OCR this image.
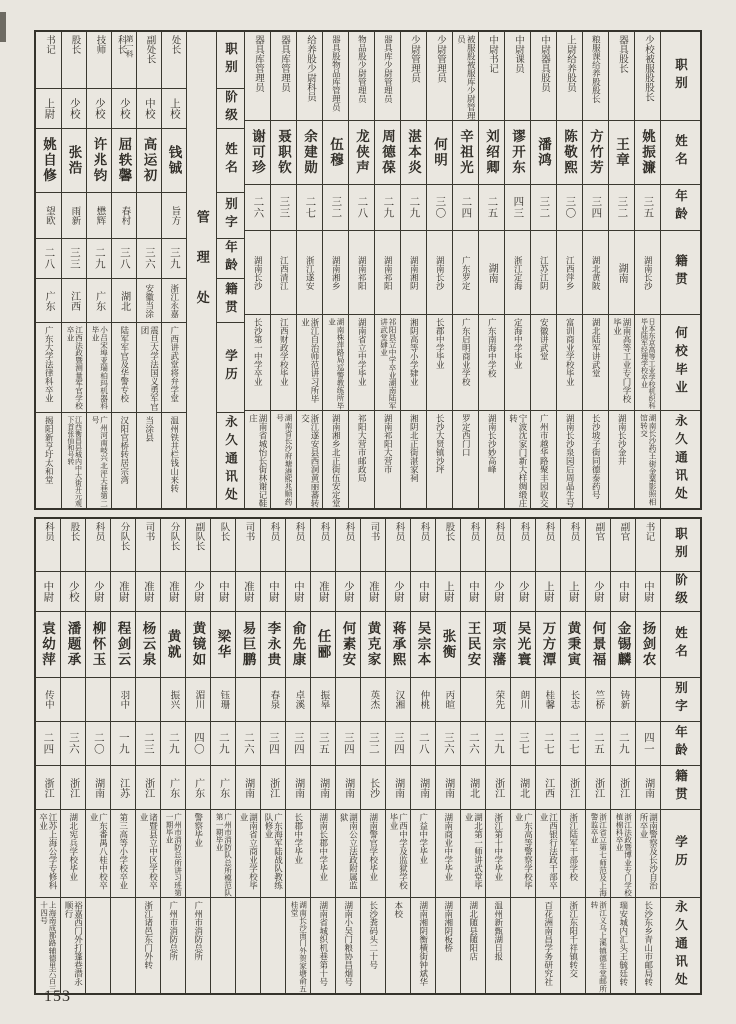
职别
姓名
年龄
籍贯
何校毕业
永久通讯处
少校被服股股长
姚振濂
三五
湖南长沙
日本东京高等工业学校机织科毕业陆军经理学校卒业
湖南长沙药王街金粟影照相馆转交
器具股长
王章
三二
湖南
湖南高等工业专门学校毕业
湖南长沙金井
粮服课给养股股长
方竹芳
三四
湖北黄陂
湖北陆军讲武堂
长沙坡子街同德泰药号
上尉给养股员
陈敬熙
三〇
江西萍乡
富训商业学校毕业
湖南长沙泉园后周晶生号
中尉器具股员
潘鸿
三二
江苏江阴
安徽讲武堂
广州市越华路聚丰园收交
中尉课员
谬开东
四三
浙江定海
定海中学毕业
宁波沈家门新大样绸缎庄转
中尉书记
刘绍卿
二五
湖南
广东南海中学校
湖南长沙妙高峰
被服股被服库少尉管理员
辛祖光
二四
广东罗定
广东启明商业学校
罗定西门口
少尉管理员
何明
三〇
湖南长沙
长郡中学毕业
长沙大贤镇沙坪
少尉管理员
湛本炎
二九
湖南湘阴
湘阴高等小学肄业
湘阴北正街湛家祠
器具库少尉管理员
周德葆
二九
湖南祁阳
祁阳县立中学卒业湖南陆军讲武堂肄业
湖南祁阳大营市
物品股少尉管理员
龙侠声
二八
湖南祁阳
湖南省立中学毕业
祁阳大营市邮政局
器具股物品库管理员
伍穆
三二
湖南湘乡
湖南株萍路局巡警教练所毕业
湖南湘乡北正街伍安定堂
给养股少尉科员
余建勋
二七
浙江遂安
浙江自治师范讲习所毕业
浙江遂安县西洞黄丽蕃转交
器具库管理员
聂职钦
三三
江西清江
江西财政学校毕业
湖南省长沙府塘港熙兆顺药号
器具库管理员
谢可珍
二六
湖南长沙
长沙第一中学卒业
湖南省城怡长街林谢记鞋庄
职别
阶级
姓名
别字
年龄
籍贯
学历
永久通讯处
管理处
处长
上校
钱铖
旨方
三九
浙江永嘉
广西讲武堂将弁学堂
温州铁井栏钱山来转
副处长
中校
高运初
三六
安徽当涂
震旦大学法国义勇军官团
当涂县
第一科
科长
少校
屈轶馨
春村
三八
湖北
陆军军官及华警专校
汉阳官桥转居宗湾
技师
少校
许兆钧
懋辉
二九
广东
小吕宋埠亚瑞柏玛机器科毕业
广州河南岐兴北泙天巷第二号
股长
少校
张浩
雨新
三三
江西
江西法政暨测量军官学校卒业
江西衡昌县城内中大街开元观下首张仙和号转
书记
上尉
姚自修
望欧
二八
广东
广东大学法律科卒业
揭阳新亨圩太和堂
职别
阶级
姓名
别字
年龄
籍贯
学历
永久通讯处
书记
中尉
扬剑农
四一
湖南
湖南警察及长沙自治所卒业
长沙东乡青山市邮局转
副官
中尉
金锡麟
铸新
二九
浙江
浙江法政暨博业专门学校植棉科卒业
瑞安城内汇头王毓廷转
副官
少尉
何景福
竺桥
二五
浙江
浙江省立第七师范及上海警监卒业
浙江义乌上溪镇德生堂邮所转
科员
上尉
黄秉寅
长志
二七
浙江
浙江陆军干部学校
浙江东阳千祥镇转交
科员
上尉
万方潭
桂馨
二七
江西
江西银行法政干部卒业
百花洲南昌学务研究社
科员
少尉
吴光寰
朗川
三七
湖北
广东高等警察学校毕业
科员
少尉
项宗藩
荣先
二九
浙江
浙江第十中学毕业
温州新甄湖日报
科员
中尉
王民安
二六
湖北
湖北第一师讲武堂毕业
湖北随县随阳店
股长
上尉
张衡
丙暄
三六
湖南
湖南商业中学毕业
湖南湘阴板桥
科员
中尉
吴宗本
仲桃
二八
湖南
广益中学毕业
湖南湘阴衡横街钟斌华
科员
少尉
蒋承熙
汉湘
三四
湖南
广西中学及监狱学校毕业
本校
司书
准尉
黄克家
英杰
三二
长沙
湖南警官学校毕业
长沙粪码头二十号
科员
少尉
何素安
三四
湖南
湖南公立法政附属监狱
湖南小吴门粮协昌烟号
科员
准尉
任郦
振皋
三五
湖南
湖南长郡中学毕业
湖南省城织机巷第十号
科员
中尉
俞先康
卓溪
三四
湖南
长郡中学毕业
湖南长沙南门外贺家塘俞五桂堂
科员
中尉
李永贵
春泉
三四
浙江
广东海军陆战队教练队修业
司书
准尉
易巨鹏
二六
湖南
湖南省立商业学校毕业
队长
中尉
梁华
钰珊
二九
广东
广州市消防队总所模范队第一期毕业
副队长
少尉
黄镜如
湄川
四〇
广东
警察毕业
广州市消防总所
分队长
准尉
黄就
振兴
二九
广东
广州市消防总所讲习班第一期毕业
广州市消防总所
司书
准尉
杨云泉
二三
浙江
诸暨县立中区学校卒业
浙江诸邑东门外转
分队长
准尉
程剑云
羽中
一九
江苏
第三高等小学校卒业
科员
少尉
柳怀玉
二〇
湖南
广东番禺八桂中校卒业
股长
少校
潘题承
三六
浙江
湖北宪兵学校毕业
裕嘉西门外打篷巷潜永顺行
科员
中尉
袁幼萍
传中
二四
浙江
江苏上海公学专修科卒业
上海南成都路辅德里六百三十四号
153
